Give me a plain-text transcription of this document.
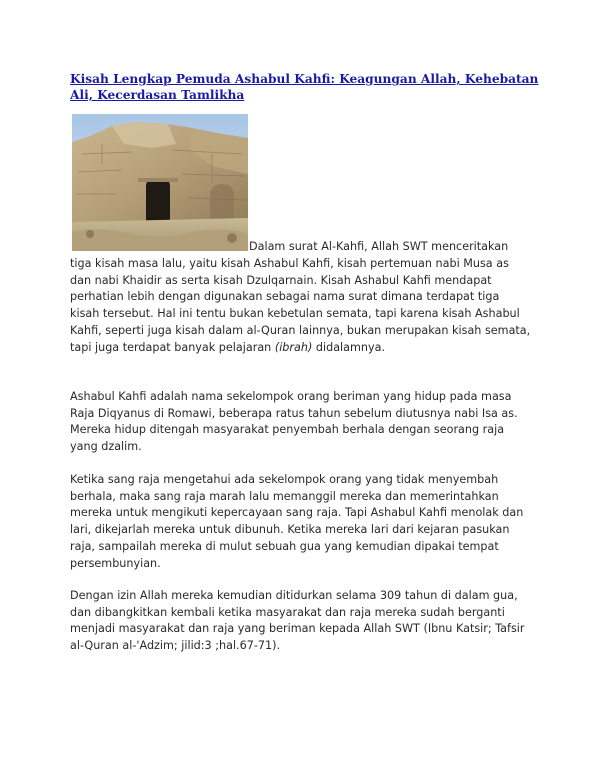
Kisah Lengkap Pemuda Ashabul Kahfi: Keagungan Allah, Kehebatan Ali, Kecerdasan Tamlikha
Dalam surat Al-Kahfi, Allah SWT menceritakan

tiga kisah masa lalu, yaitu kisah Ashabul Kahfi, kisah pertemuan nabi Musa as dan nabi Khaidir as serta kisah Dzulqarnain. Kisah Ashabul Kahfi mendapat perhatian lebih dengan digunakan sebagai nama surat dimana terdapat tiga kisah tersebut. Hal ini tentu bukan kebetulan semata, tapi karena kisah Ashabul Kahfi, seperti juga kisah dalam al-Quran lainnya, bukan merupakan kisah semata, tapi juga terdapat banyak pelajaran (ibrah) didalamnya.

Ashabul Kahfi adalah nama sekelompok orang beriman yang hidup pada masa Raja Diqyanus di Romawi, beberapa ratus tahun sebelum diutusnya nabi Isa as. Mereka hidup ditengah masyarakat penyembah berhala dengan seorang raja yang dzalim.

Ketika sang raja mengetahui ada sekelompok orang yang tidak menyembah berhala, maka sang raja marah lalu memanggil mereka dan memerintahkan mereka untuk mengikuti kepercayaan sang raja. Tapi Ashabul Kahfi menolak dan lari, dikejarlah mereka untuk dibunuh. Ketika mereka lari dari kejaran pasukan raja, sampailah mereka di mulut sebuah gua yang kemudian dipakai tempat persembunyian.

Dengan izin Allah mereka kemudian ditidurkan selama 309 tahun di dalam gua, dan dibangkitkan kembali ketika masyarakat dan raja mereka sudah berganti menjadi masyarakat dan raja yang beriman kepada Allah SWT (Ibnu Katsir; Tafsir al-Quran al-'Adzim; jilid:3 ;hal.67-71).
